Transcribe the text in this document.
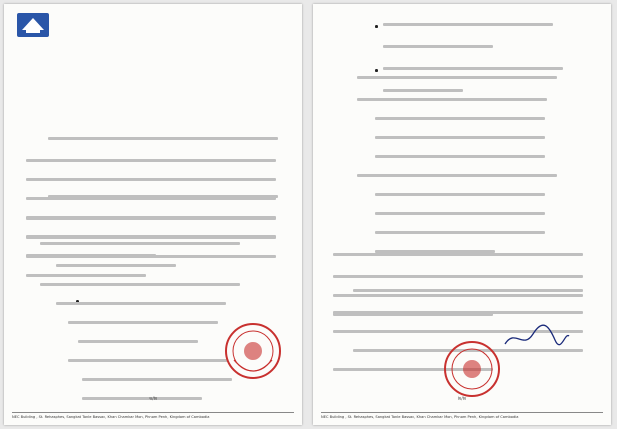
១/២
NEC Building , St. Rehasphes, Sangkat Tonle Bassac, Khan Chamkar Mon, Phnom Penh, Kingdom of Cambodia

២/២
NEC Building , St. Rehasphes, Sangkat Tonle Bassac, Khan Chamkar Mon, Phnom Penh, Kingdom of Cambodia
